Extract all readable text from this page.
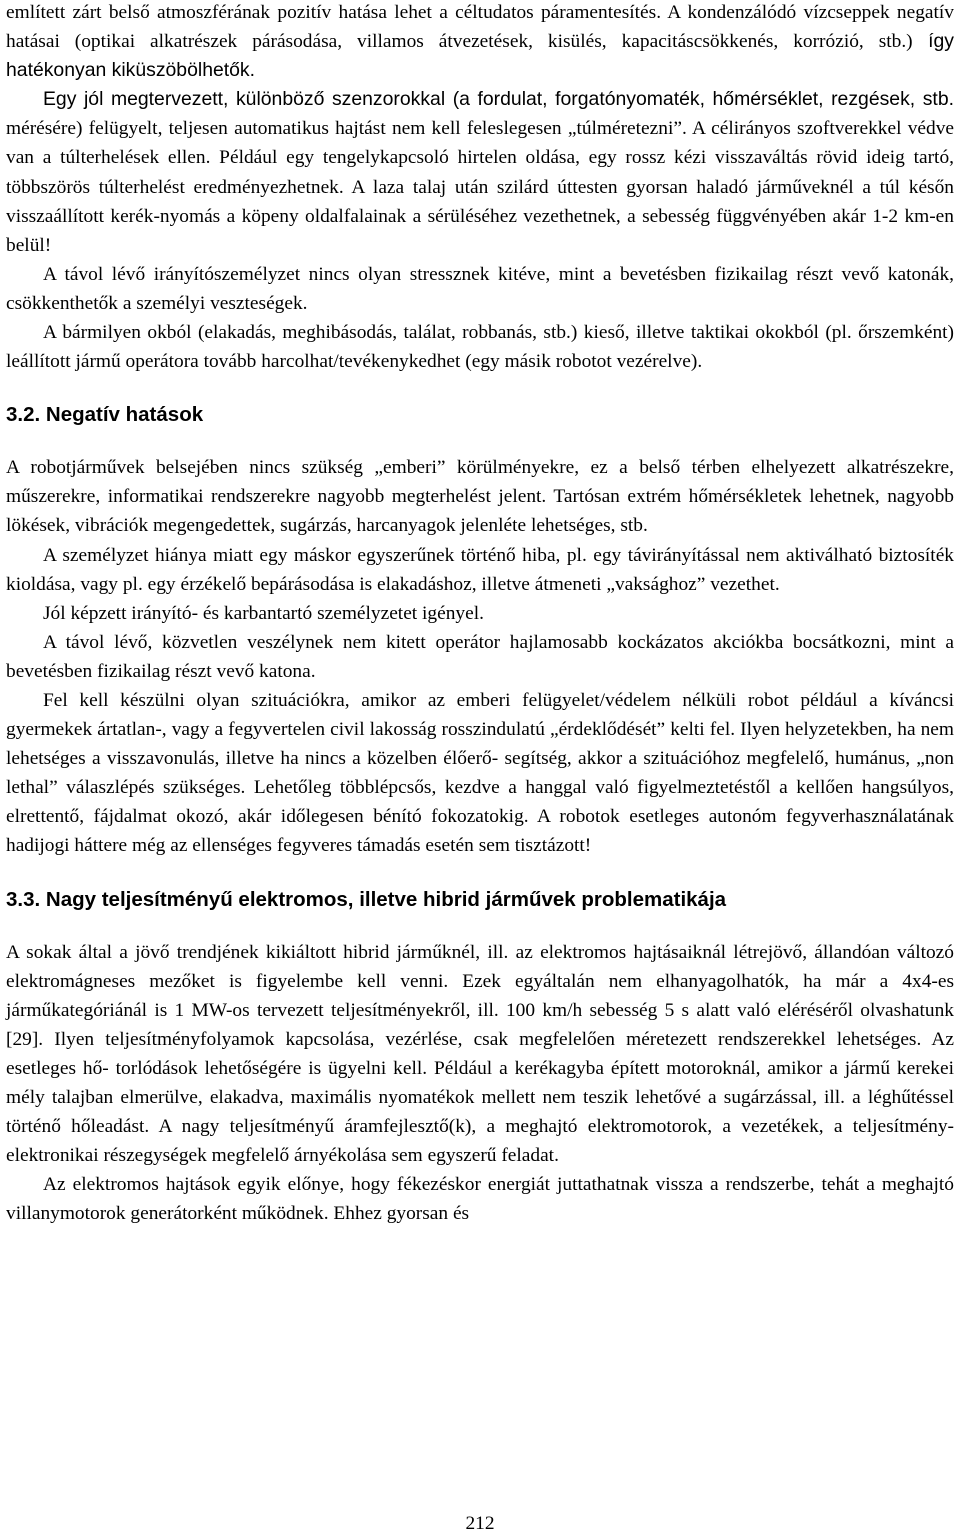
említett zárt belső atmoszférának pozitív hatása lehet a céltudatos páramentesítés. A kondenzálódó vízcseppek negatív hatásai (optikai alkatrészek párásodása, villamos átvezetések, kisülés, kapacitáscsökkenés, korrózió, stb.) így hatékonyan kiküszöbölhetők.

Egy jól megtervezett, különböző szenzorokkal (a fordulat, forgatónyomaték, hőmérséklet, rezgések, stb. mérésére) felügyelt, teljesen automatikus hajtást nem kell feleslegesen „túlméretezni”. A célirányos szoftverekkel védve van a túlterhelések ellen. Például egy tengelykapcsoló hirtelen oldása, egy rossz kézi visszaváltás rövid ideig tartó, többszörös túlterhelést eredményezhetnek. A laza talaj után szilárd úttesten gyorsan haladó járműveknél a túl későn visszaállított kerék-nyomás a köpeny oldalfalainak a sérüléséhez vezethetnek, a sebesség függvényében akár 1-2 km-en belül!

A távol lévő irányítószemélyzet nincs olyan stressznek kitéve, mint a bevetésben fizikailag részt vevő katonák, csökkenthetők a személyi veszteségek.

A bármilyen okból (elakadás, meghibásodás, találat, robbanás, stb.) kieső, illetve taktikai okokból (pl. őrszemként) leállított jármű operátora tovább harcolhat/tevékenykedhet (egy másik robotot vezérelve).

3.2. Negatív hatások

A robotjárművek belsejében nincs szükség „emberi” körülményekre, ez a belső térben elhelyezett alkatrészekre, műszerekre, informatikai rendszerekre nagyobb megterhelést jelent. Tartósan extrém hőmérsékletek lehetnek, nagyobb lökések, vibrációk megengedettek, sugárzás, harcanyagok jelenléte lehetséges, stb.

A személyzet hiánya miatt egy máskor egyszerűnek történő hiba, pl. egy távirányítással nem aktiválható biztosíték kioldása, vagy pl. egy érzékelő bepárásodása is elakadáshoz, illetve átmeneti „vaksághoz” vezethet.

Jól képzett irányító- és karbantartó személyzetet igényel.

A távol lévő, közvetlen veszélynek nem kitett operátor hajlamosabb kockázatos akciókba bocsátkozni, mint a bevetésben fizikailag részt vevő katona.

Fel kell készülni olyan szituációkra, amikor az emberi felügyelet/védelem nélküli robot például a kíváncsi gyermekek ártatlan-, vagy a fegyvertelen civil lakosság rosszindulatú „érdeklődését” kelti fel. Ilyen helyzetekben, ha nem lehetséges a visszavonulás, illetve ha nincs a közelben élőerő- segítség, akkor a szituációhoz megfelelő, humánus, „non lethal” válaszlépés szükséges. Lehetőleg többlépcsős, kezdve a hanggal való figyelmeztetéstől a kellően hangsúlyos, elrettentő, fájdalmat okozó, akár időlegesen bénító fokozatokig. A robotok esetleges autonóm fegyverhasználatának hadijogi háttere még az ellenséges fegyveres támadás esetén sem tisztázott!

3.3. Nagy teljesítményű elektromos, illetve hibrid járművek problematikája

A sokak által a jövő trendjének kikiáltott hibrid járműknél, ill. az elektromos hajtásaiknál létrejövő, állandóan változó elektromágneses mezőket is figyelembe kell venni. Ezek egyáltalán nem elhanyagolhatók, ha már a 4x4-es járműkategóriánál is 1 MW-os tervezett teljesítményekről, ill. 100 km/h sebesség 5 s alatt való eléréséről olvashatunk [29]. Ilyen teljesítményfolyamok kapcsolása, vezérlése, csak megfelelően méretezett rendszerekkel lehetséges. Az esetleges hő- torlódások lehetőségére is ügyelni kell. Például a kerékagyba épített motoroknál, amikor a jármű kerekei mély talajban elmerülve, elakadva, maximális nyomatékok mellett nem teszik lehetővé a sugárzással, ill. a léghűtéssel történő hőleadást. A nagy teljesítményű áramfejlesztő(k), a meghajtó elektromotorok, a vezetékek, a teljesítmény-elektronikai részegységek megfelelő árnyékolása sem egyszerű feladat.

Az elektromos hajtások egyik előnye, hogy fékezéskor energiát juttathatnak vissza a rendszerbe, tehát a meghajtó villanymotorok generátorként működnek. Ehhez gyorsan és

212
